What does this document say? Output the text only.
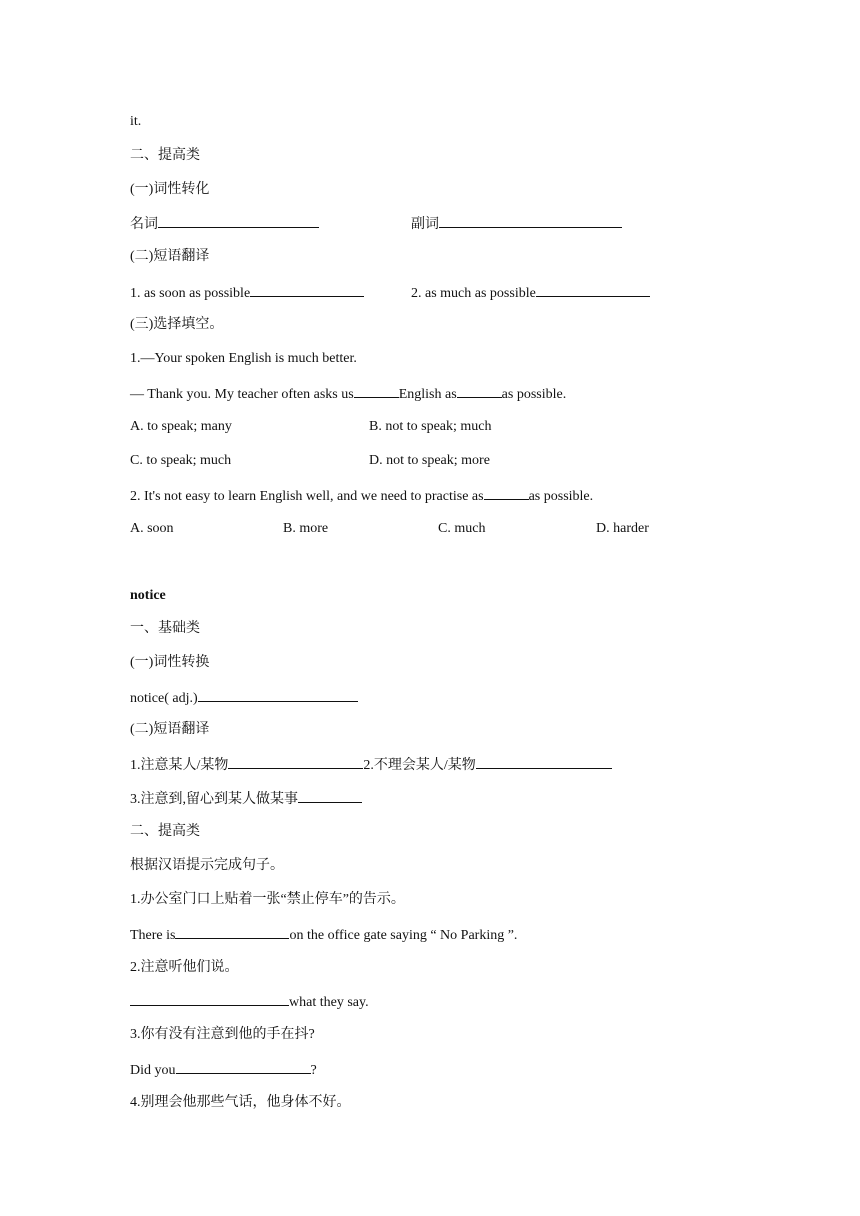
it.
二、提高类
(一)词性转化
名词	副词
(二)短语翻译
1. as soon as possible	2. as much as possible
(三)选择填空。
1.—Your spoken English is much better.
— Thank you. My teacher often asks us	English as	as possible.
A. to speak; many	B. not to speak; much
C. to speak; much	D. not to speak; more
2. It's not easy to learn English well, and we need to practise as	as possible.
A. soon	B. more	C. much	D. harder
notice
一、基础类
(一)词性转换
notice( adj.)
(二)短语翻译
1.注意某人/某物	2.不理会某人/某物
3.注意到,留心到某人做某事
二、提高类
根据汉语提示完成句子。
1.办公室门口上贴着一张“禁止停车”的告示。
There is	on the office gate saying “ No Parking ”.
2.注意听他们说。
what they say.
3.你有没有注意到他的手在抖?
Did you	?
4.别理会他那些气话，他身体不好。
